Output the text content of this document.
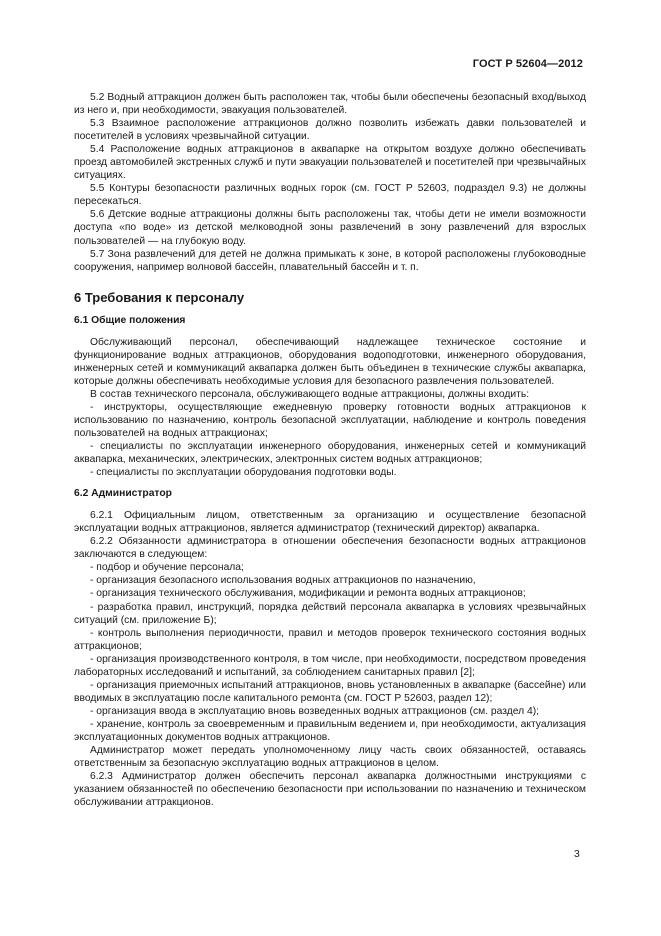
ГОСТ Р 52604—2012

5.2 Водный аттракцион должен быть расположен так, чтобы были обеспечены безопасный вход/выход из него и, при необходимости, эвакуация пользователей.

5.3 Взаимное расположение аттракционов должно позволить избежать давки пользователей и посетителей в условиях чрезвычайной ситуации.

5.4 Расположение водных аттракционов в аквапарке на открытом воздухе должно обеспечивать проезд автомобилей экстренных служб и пути эвакуации пользователей и посетителей при чрезвычайных ситуациях.

5.5 Контуры безопасности различных водных горок (см. ГОСТ Р 52603, подраздел 9.3) не должны пересекаться.

5.6 Детские водные аттракционы должны быть расположены так, чтобы дети не имели возможности доступа «по воде» из детской мелководной зоны развлечений в зону развлечений для взрослых пользователей — на глубокую воду.

5.7 Зона развлечений для детей не должна примыкать к зоне, в которой расположены глубоководные сооружения, например волновой бассейн, плавательный бассейн и т. п.

6 Требования к персоналу
6.1 Общие положения

Обслуживающий персонал, обеспечивающий надлежащее техническое состояние и функционирование водных аттракционов, оборудования водоподготовки, инженерного оборудования, инженерных сетей и коммуникаций аквапарка должен быть объединен в технические службы аквапарка, которые должны обеспечивать необходимые условия для безопасного развлечения пользователей.

В состав технического персонала, обслуживающего водные аттракционы, должны входить:

- инструкторы, осуществляющие ежедневную проверку готовности водных аттракционов к использованию по назначению, контроль безопасной эксплуатации, наблюдение и контроль поведения пользователей на водных аттракционах;

- специалисты по эксплуатации инженерного оборудования, инженерных сетей и коммуникаций аквапарка, механических, электрических, электронных систем водных аттракционов;

- специалисты по эксплуатации оборудования подготовки воды.

6.2 Администратор

6.2.1 Официальным лицом, ответственным за организацию и осуществление безопасной эксплуатации водных аттракционов, является администратор (технический директор) аквапарка.

6.2.2 Обязанности администратора в отношении обеспечения безопасности водных аттракционов заключаются в следующем:

- подбор и обучение персонала;

- организация безопасного использования водных аттракционов по назначению,

- организация технического обслуживания, модификации и ремонта водных аттракционов;

- разработка правил, инструкций, порядка действий персонала аквапарка в условиях чрезвычайных ситуаций (см. приложение Б);

- контроль выполнения периодичности, правил и методов проверок технического состояния водных аттракционов;

- организация производственного контроля, в том числе, при необходимости, посредством проведения лабораторных исследований и испытаний, за соблюдением санитарных правил [2];

- организация приемочных испытаний аттракционов, вновь установленных в аквапарке (бассейне) или вводимых в эксплуатацию после капитального ремонта (см. ГОСТ Р 52603, раздел 12);

- организация ввода в эксплуатацию вновь возведенных водных аттракционов (см. раздел 4);

- хранение, контроль за своевременным и правильным ведением и, при необходимости, актуализация эксплуатационных документов водных аттракционов.

Администратор может передать уполномоченному лицу часть своих обязанностей, оставаясь ответственным за безопасную эксплуатацию водных аттракционов в целом.

6.2.3 Администратор должен обеспечить персонал аквапарка должностными инструкциями с указанием обязанностей по обеспечению безопасности при использовании по назначению и техническом обслуживании аттракционов.

3
